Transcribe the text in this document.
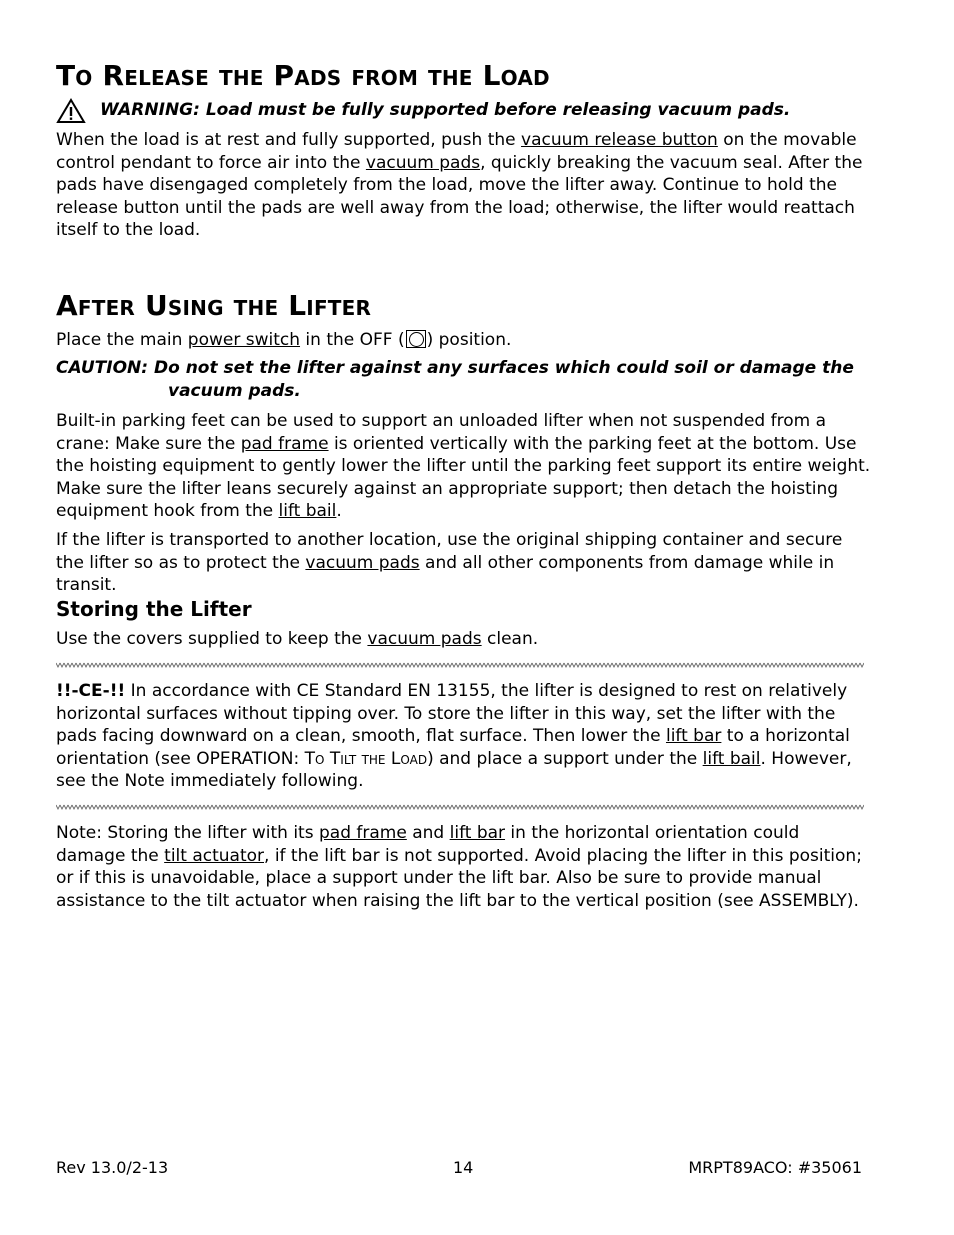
To Release the Pads from the Load
WARNING: Load must be fully supported before releasing vacuum pads.
When the load is at rest and fully supported, push the vacuum release button on the movable control pendant to force air into the vacuum pads, quickly breaking the vacuum seal. After the pads have disengaged completely from the load, move the lifter away. Continue to hold the release button until the pads are well away from the load; otherwise, the lifter would reattach itself to the load.
After Using the Lifter
Place the main power switch in the OFF ( ) position.
CAUTION: Do not set the lifter against any surfaces which could soil or damage the
vacuum pads.
Built-in parking feet can be used to support an unloaded lifter when not suspended from a crane: Make sure the pad frame is oriented vertically with the parking feet at the bottom. Use the hoisting equipment to gently lower the lifter until the parking feet support its entire weight. Make sure the lifter leans securely against an appropriate support; then detach the hoisting equipment hook from the lift bail.
If the lifter is transported to another location, use the original shipping container and secure the lifter so as to protect the vacuum pads and all other components from damage while in transit.
Storing the Lifter
Use the covers supplied to keep the vacuum pads clean.
!!-CE-!! In accordance with CE Standard EN 13155, the lifter is designed to rest on relatively horizontal surfaces without tipping over. To store the lifter in this way, set the lifter with the pads facing downward on a clean, smooth, flat surface. Then lower the lift bar to a horizontal orientation (see OPERATION: To Tilt the Load) and place a support under the lift bail. However, see the Note immediately following.
Note: Storing the lifter with its pad frame and lift bar in the horizontal orientation could damage the tilt actuator, if the lift bar is not supported. Avoid placing the lifter in this position; or if this is unavoidable, place a support under the lift bar. Also be sure to provide manual assistance to the tilt actuator when raising the lift bar to the vertical position (see ASSEMBLY).
Rev 13.0/2-13	14	MRPT89ACO: #35061
